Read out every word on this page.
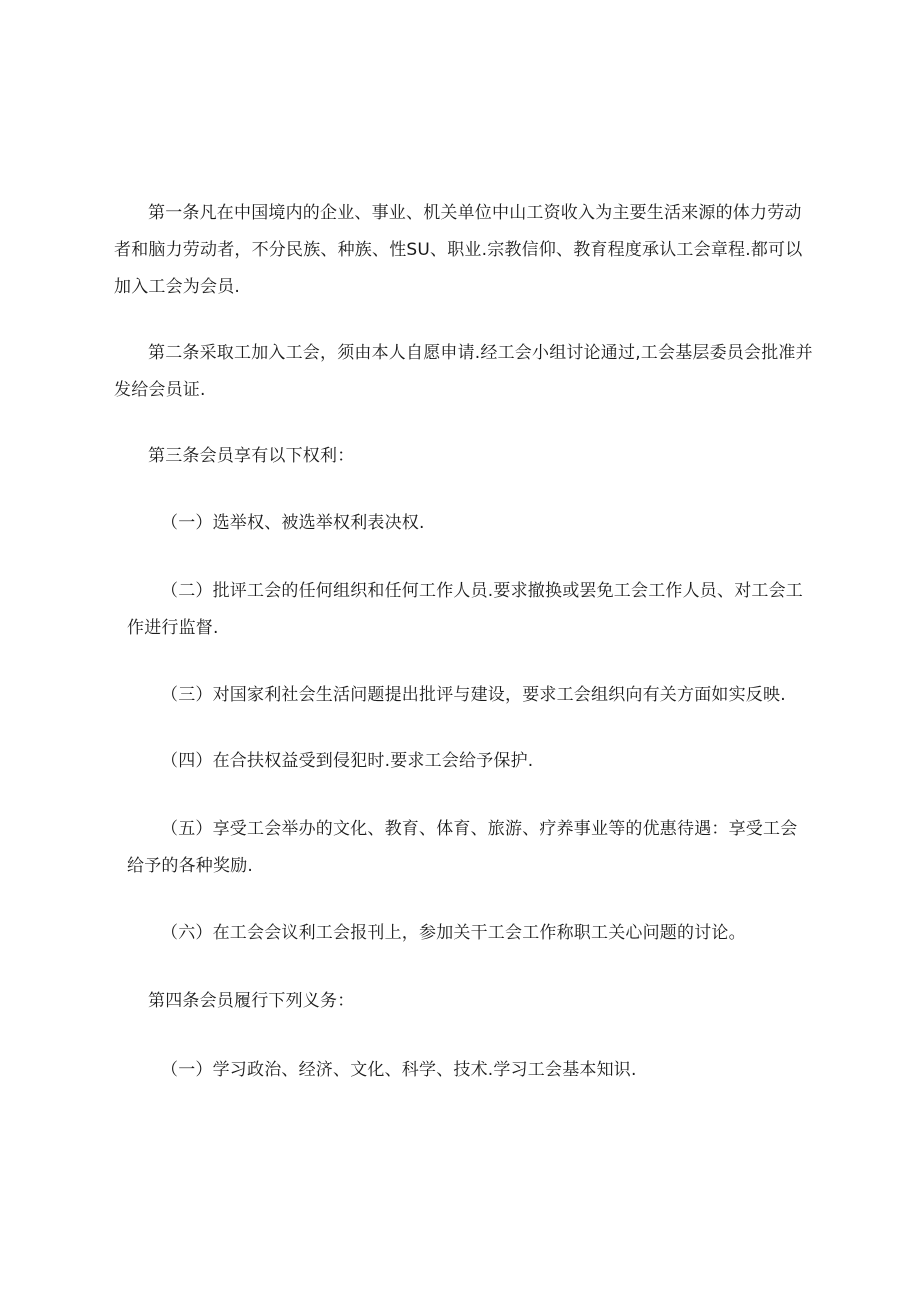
第一条凡在中国境内的企业、事业、机关单位中山工资收入为主要生活来源的体力劳动者和脑力劳动者，不分民族、种族、性SU、职业.宗教信仰、教育程度承认工会章程.都可以加入工会为会员.

第二条采取工加入工会，须由本人自愿申请.经工会小组讨论通过,工会基层委员会批准并发给会员证.

第三条会员享有以下权利：

（一）选举权、被选举权利表决权.

（二）批评工会的任何组织和任何工作人员.要求撤换或罢免工会工作人员、对工会工作进行监督.

（三）对国家利社会生活问题提出批评与建设，要求工会组织向有关方面如实反映.

（四）在合扶权益受到侵犯时.要求工会给予保护.

（五）享受工会举办的文化、教育、体育、旅游、疗养事业等的优惠待遇：享受工会给予的各种奖励.

（六）在工会会议利工会报刊上，参加关干工会工作称职工关心问题的讨论。

第四条会员履行下列义务：

（一）学习政治、经济、文化、科学、技术.学习工会基本知识.
